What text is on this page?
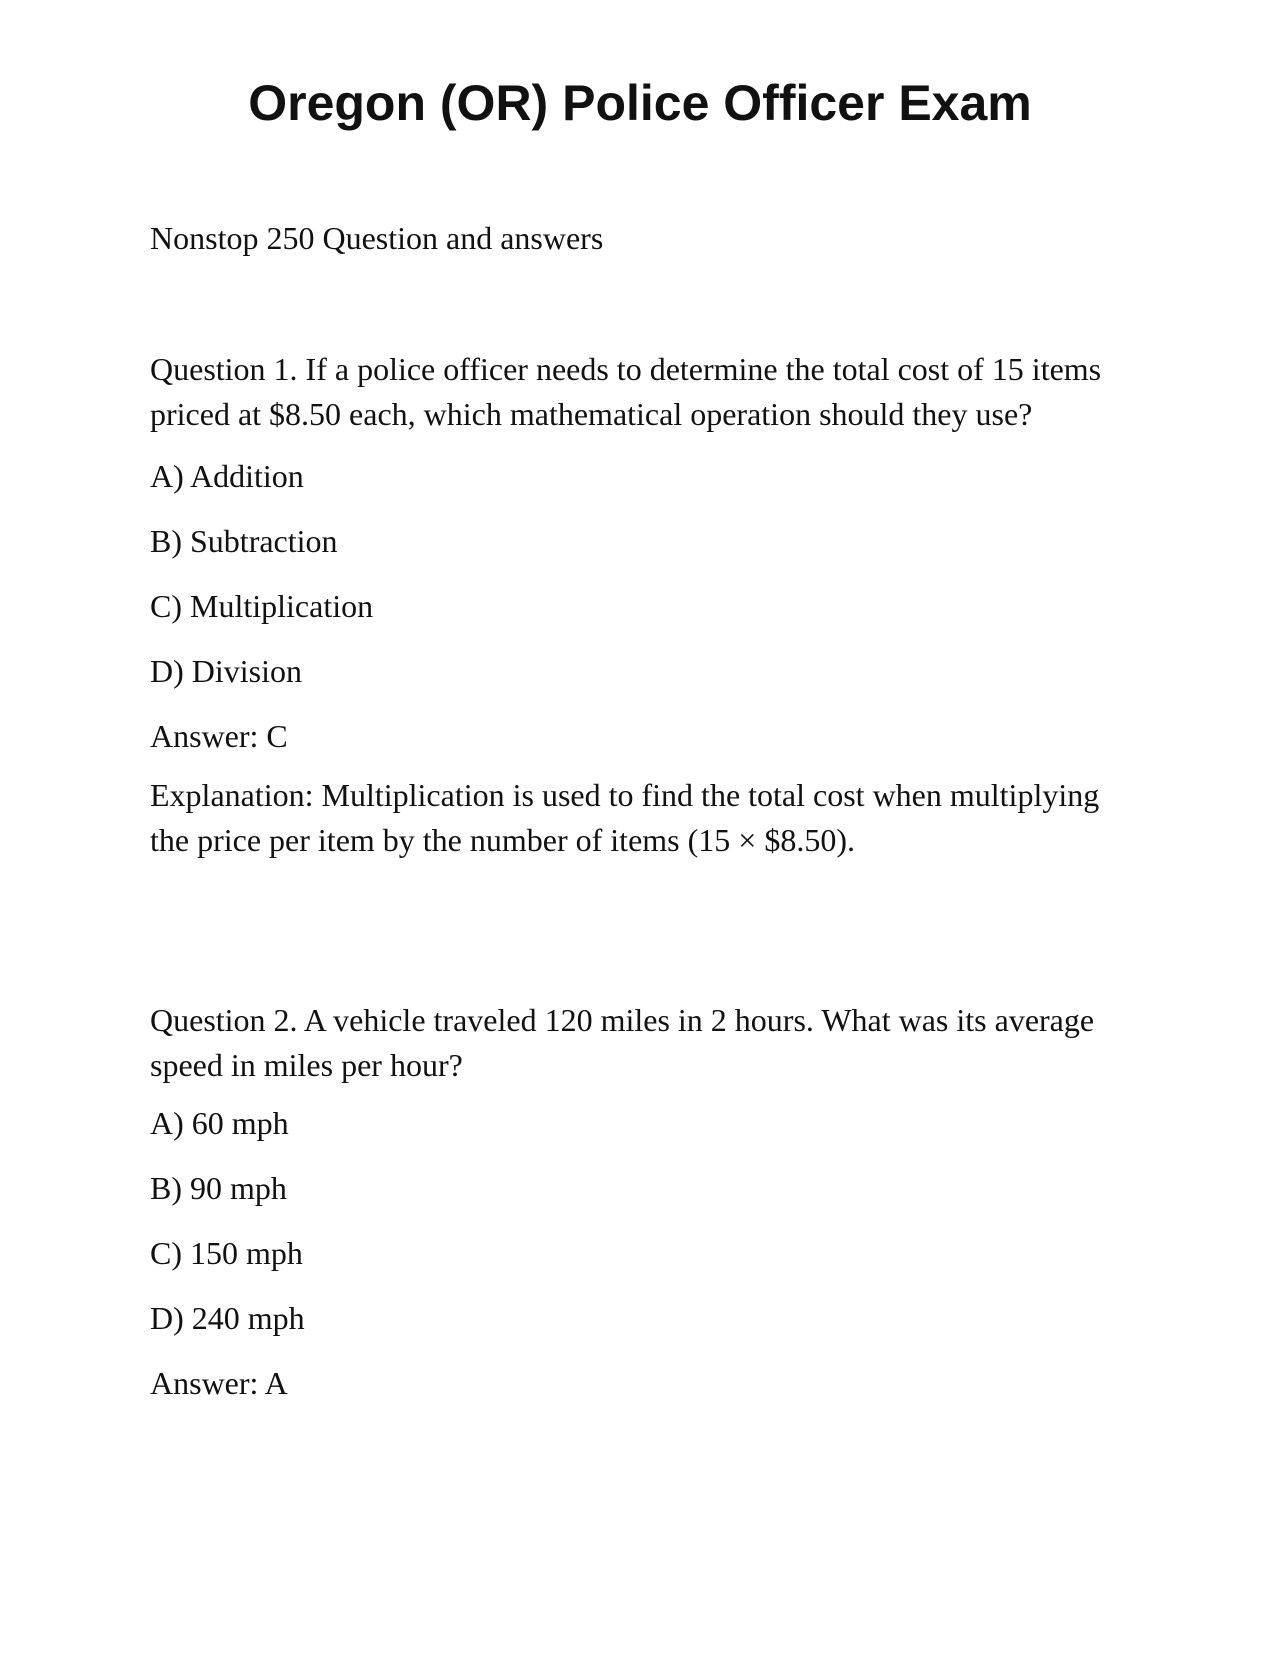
Oregon (OR) Police Officer Exam

Nonstop 250 Question and answers

Question 1. If a police officer needs to determine the total cost of 15 items priced at $8.50 each, which mathematical operation should they use?

A) Addition
B) Subtraction
C) Multiplication
D) Division

Answer: C

Explanation: Multiplication is used to find the total cost when multiplying the price per item by the number of items (15 × $8.50).

Question 2. A vehicle traveled 120 miles in 2 hours. What was its average speed in miles per hour?

A) 60 mph
B) 90 mph
C) 150 mph
D) 240 mph

Answer: A
